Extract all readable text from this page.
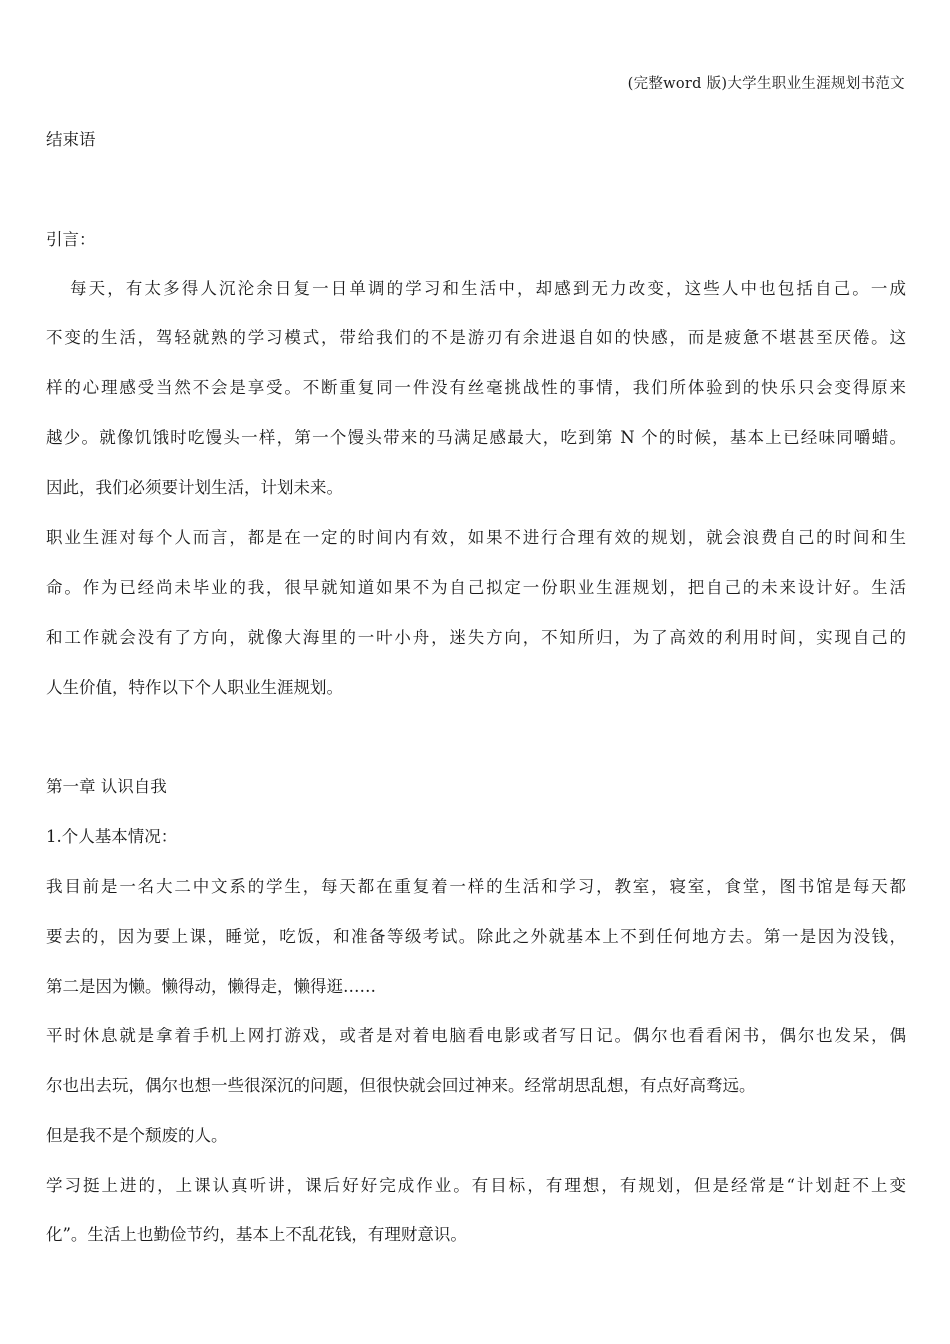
(完整word 版)大学生职业生涯规划书范文
结束语
引言：
每天，有太多得人沉沦余日复一日单调的学习和生活中，却感到无力改变，这些人中也包括自己。一成
不变的生活，驾轻就熟的学习模式，带给我们的不是游刃有余进退自如的快感，而是疲惫不堪甚至厌倦。这
样的心理感受当然不会是享受。不断重复同一件没有丝毫挑战性的事情，我们所体验到的快乐只会变得原来
越少。就像饥饿时吃馒头一样，第一个馒头带来的马满足感最大，吃到第 N 个的时候，基本上已经味同嚼蜡。
因此，我们必须要计划生活，计划未来。
职业生涯对每个人而言，都是在一定的时间内有效，如果不进行合理有效的规划，就会浪费自己的时间和生
命。作为已经尚未毕业的我，很早就知道如果不为自己拟定一份职业生涯规划，把自己的未来设计好。生活
和工作就会没有了方向，就像大海里的一叶小舟，迷失方向，不知所归，为了高效的利用时间，实现自己的
人生价值，特作以下个人职业生涯规划。
第一章 认识自我
1.个人基本情况：
我目前是一名大二中文系的学生，每天都在重复着一样的生活和学习，教室，寝室，食堂，图书馆是每天都
要去的，因为要上课，睡觉，吃饭，和准备等级考试。除此之外就基本上不到任何地方去。第一是因为没钱，
第二是因为懒。懒得动，懒得走，懒得逛……
平时休息就是拿着手机上网打游戏，或者是对着电脑看电影或者写日记。偶尔也看看闲书，偶尔也发呆，偶
尔也出去玩，偶尔也想一些很深沉的问题，但很快就会回过神来。经常胡思乱想，有点好高骛远。
但是我不是个颓废的人。
学习挺上进的，上课认真听讲，课后好好完成作业。有目标，有理想，有规划，但是经常是“计划赶不上变
化”。生活上也勤俭节约，基本上不乱花钱，有理财意识。
